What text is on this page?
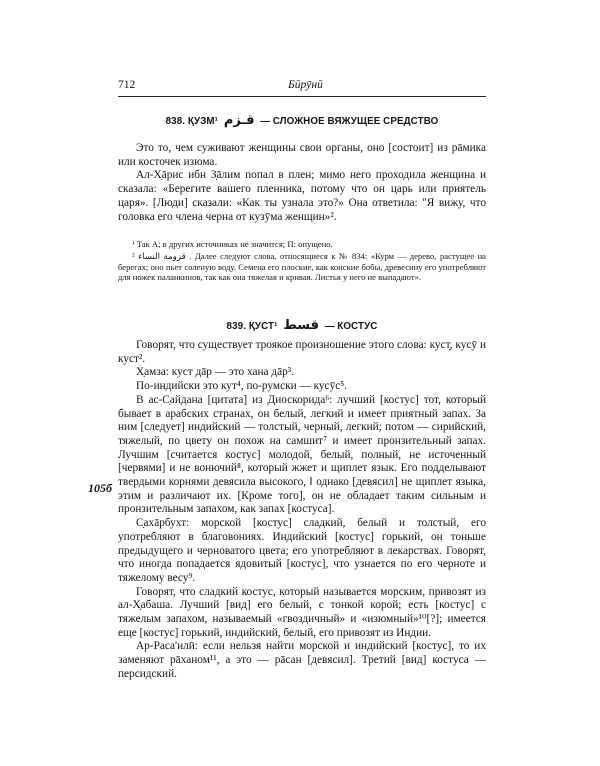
712	Бӣрӯнӣ
838. ҚУЗМ¹ قـزم — СЛОЖНОЕ ВЯЖУЩЕЕ СРЕДСТВО

Это то, чем суживают женщины свои органы, оно [состоит] из рāмика или косточек изюма.

Ал-Х̣āрис ибн З̣āлим попал в плен; мимо него проходила женщина и сказала: «Берегите вашего пленника, потому что он царь или приятель царя». [Люди] сказали: «Как ты узнала это?» Она ответила: "Я вижу, что головка его члена черна от кузӯма женщин»².

¹ Так А; в других источниках не значится; П: опущено.

² قزومة النساء . Далее следуют слова, относящиеся к № 834: «Курм — дерево, растущее на берегах; оно пьет соленую воду. Семена его плоские, как конские бобы, древесину его употребляют для ножек паланкинов, так как она тяжелая и кривая. Листья у него не выпадают».

839. ҚУСТ¹ قسط — КОСТУС

Говорят, что существует троякое произношение этого слова: куст̣, кусӯ и куст².

Х̣амза: куст дāр — это хана дāр³.

По-индийски это кут⁴, по-румски — кусӯс⁵.

В ас-С̣айдана [цитата] из Диоскорида⁶: лучший [костус] тот, который бывает в арабских странах, он белый, легкий и имеет приятный запах. За ним [следует] индийский — толстый, черный, легкий; потом — сирийский, тяжелый, по цвету он похож на самшит⁷ и имеет пронзительный запах. Лучшим [считается костус] молодой, белый, полный, не источенный [червями] и не вонючий⁸, который жжет и щиплет язык. Его подделывают твердыми корнями девясила высокого, ‖ однако [девясил] не щиплет языка, этим и различают их. [Кроме того], он не обладает таким сильным и пронзительным запахом, как запах [костуса].

С̣ахāрбухт: морской [костус] сладкий, белый и толстый, его употребляют в благовониях. Индийский [костус] горький, он тоньше предыдущего и черноватого цвета; его употребляют в лекарствах. Говорят, что иногда попадается ядовитый [костус], что узнается по его черноте и тяжелому весу⁹.

Говорят, что сладкий костус, который называется морским, привозят из ал-Х̣абаша. Лучший [вид] его белый, с тонкой корой; есть [костус] с тяжелым запахом, называемый «гвоздичный» и «изюмный»¹⁰[?]; имеется еще [костус] горький, индийский, белый, его привозят из Индии.

Ар-Раса'илӣ: если нельзя найти морской и индийский [костус], то их заменяют рāханом¹¹, а это — рāсан [девясил]. Третий [вид] костуса — персидский.

105б
